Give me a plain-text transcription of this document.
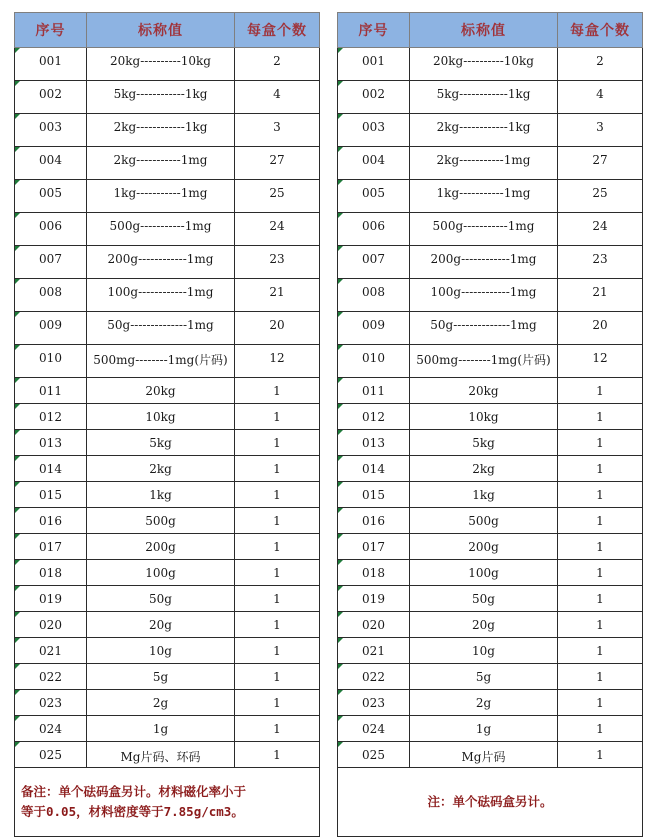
序号	标称值	每盒个数
001	20kg----------10kg	2
002	5kg------------1kg	4
003	2kg------------1kg	3
004	2kg-----------1mg	27
005	1kg-----------1mg	25
006	500g-----------1mg	24
007	200g------------1mg	23
008	100g------------1mg	21
009	50g--------------1mg	20
010	500mg--------1mg(片码)	12
011	20kg	1
012	10kg	1
013	5kg	1
014	2kg	1
015	1kg	1
016	500g	1
017	200g	1
018	100g	1
019	50g	1
020	20g	1
021	10g	1
022	5g	1
023	2g	1
024	1g	1
025	Mg片码、环码	1

备注：单个砝码盒另计。材料磁化率小于
等于0.05，材料密度等于7.85g/cm3。		
序号	标称值	每盒个数
001	20kg----------10kg	2
002	5kg------------1kg	4
003	2kg------------1kg	3
004	2kg-----------1mg	27
005	1kg-----------1mg	25
006	500g-----------1mg	24
007	200g------------1mg	23
008	100g------------1mg	21
009	50g--------------1mg	20
010	500mg--------1mg(片码)	12
011	20kg	1
012	10kg	1
013	5kg	1
014	2kg	1
015	1kg	1
016	500g	1
017	200g	1
018	100g	1
019	50g	1
020	20g	1
021	10g	1
022	5g	1
023	2g	1
024	1g	1
025	Mg片码	1

注：单个砝码盒另计。		
